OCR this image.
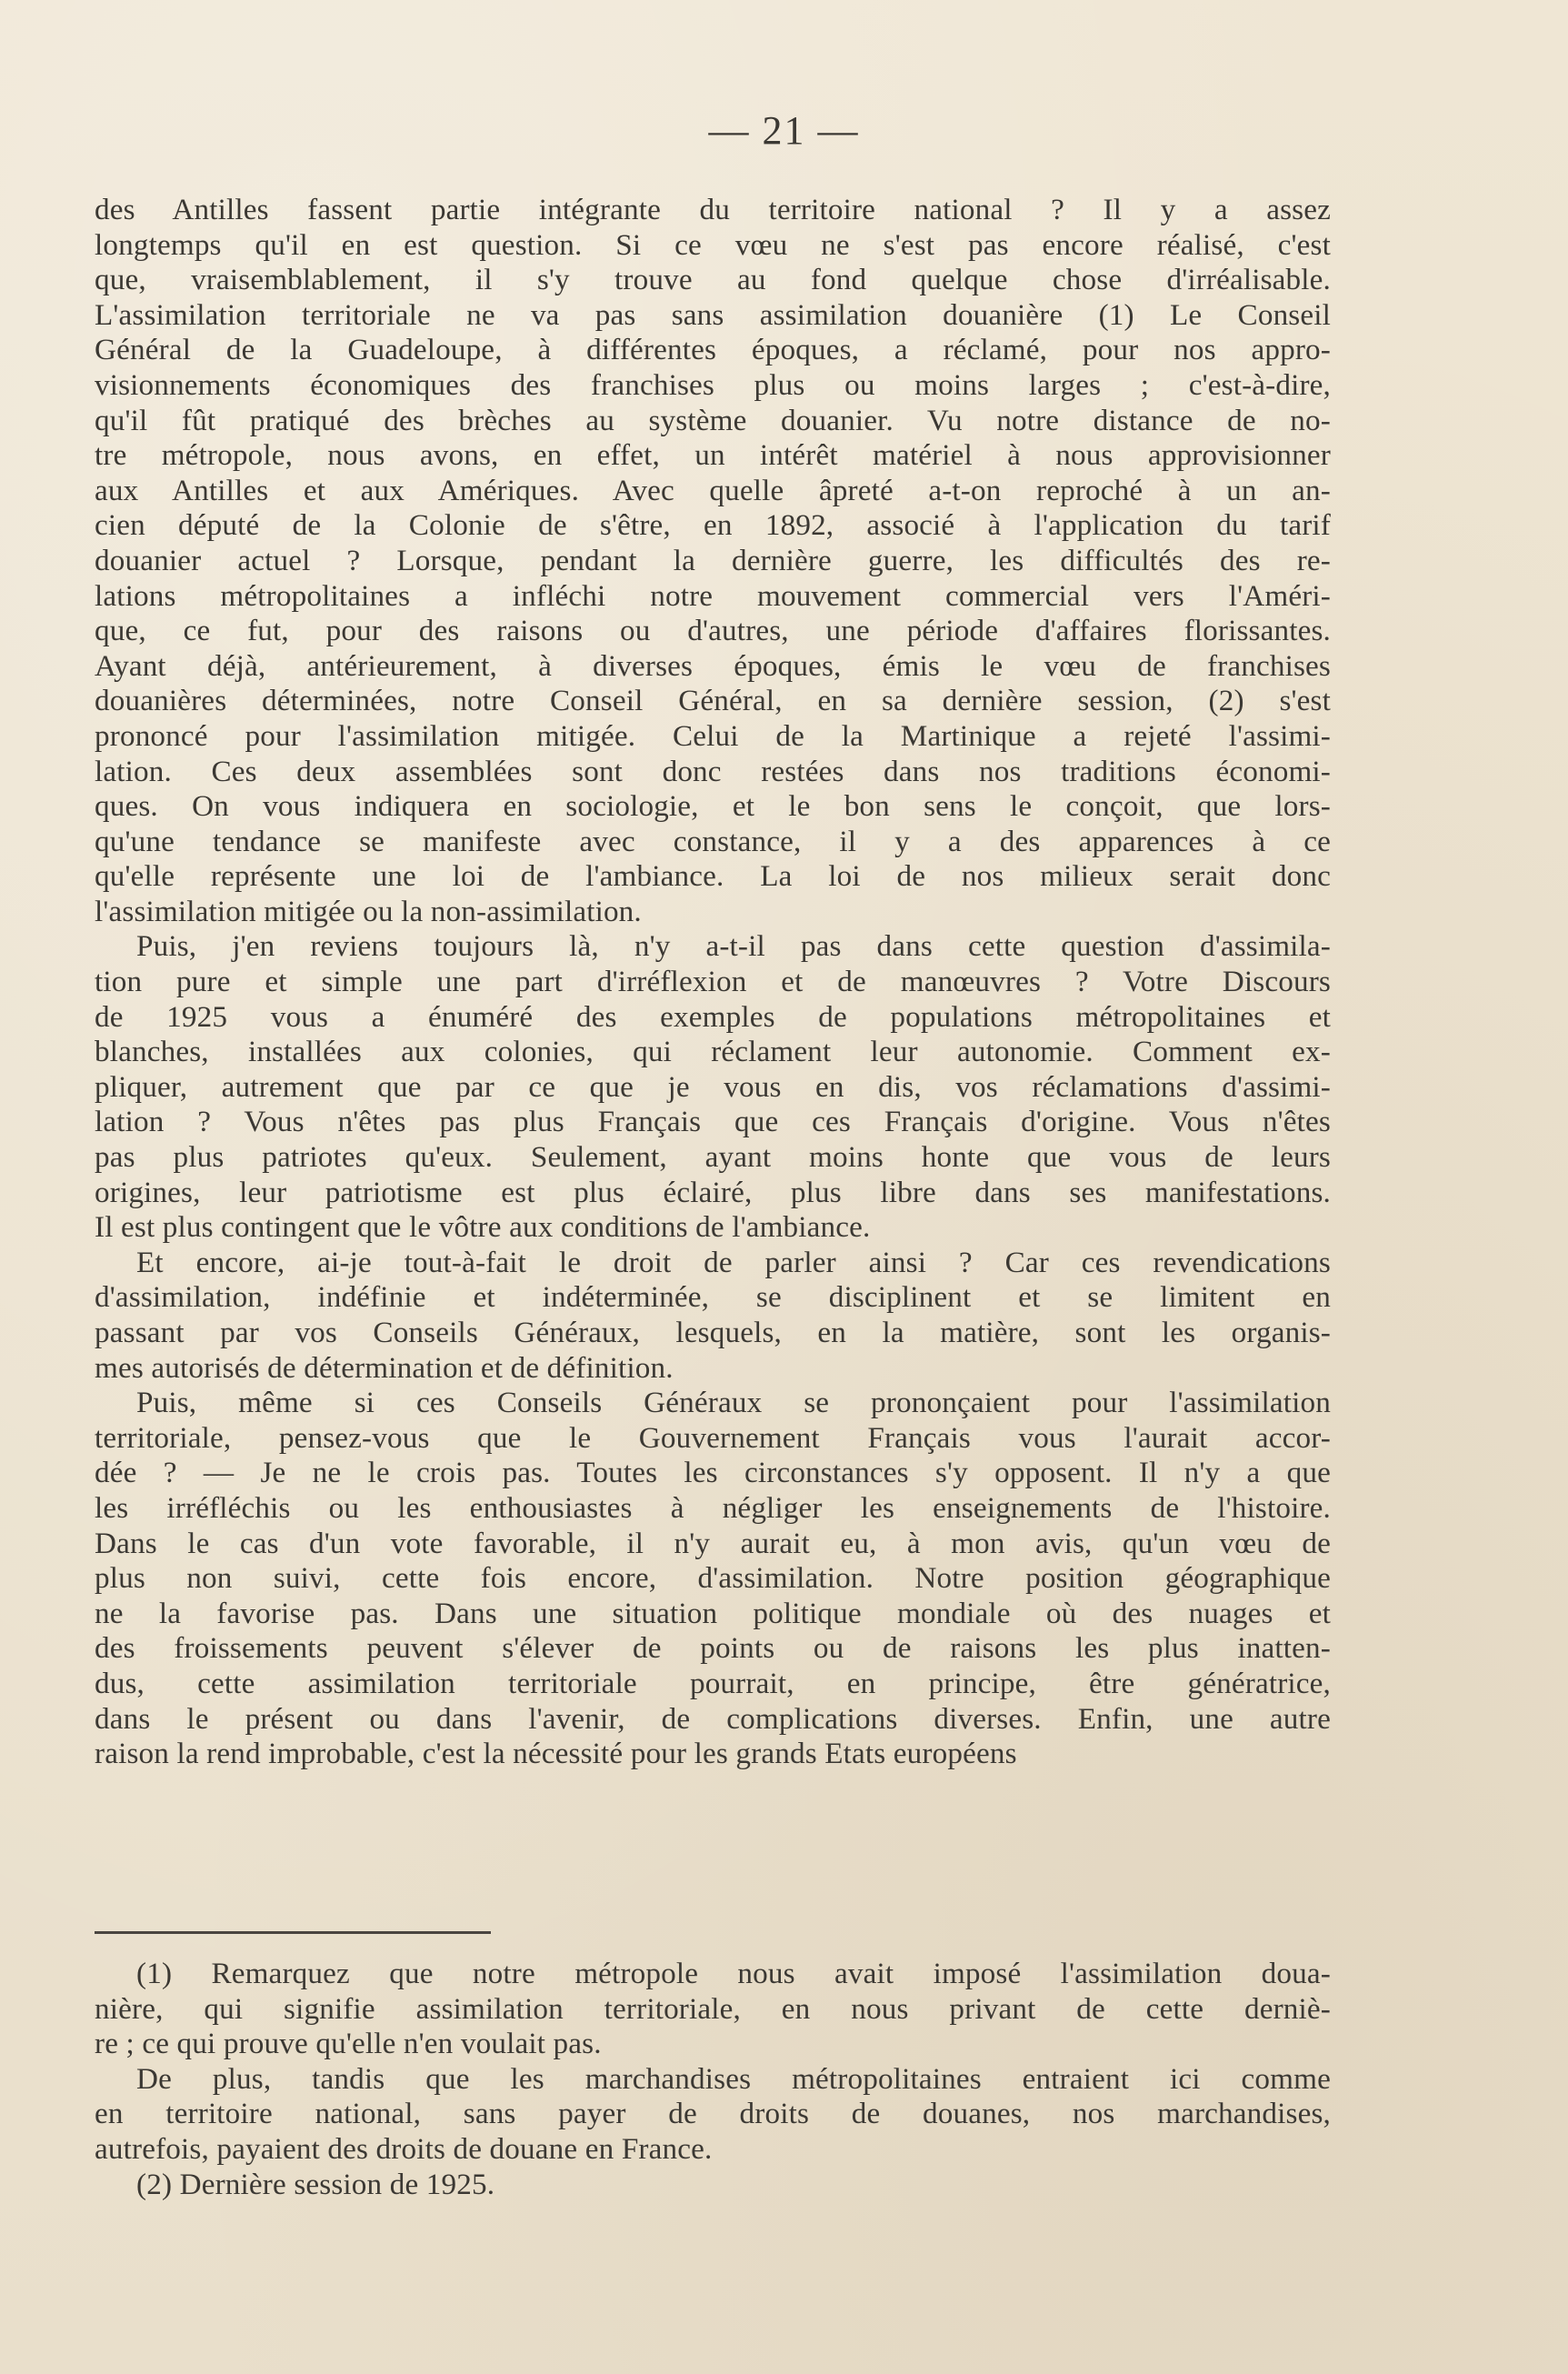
— 21 —
des Antilles fassent partie intégrante du territoire national ? Il y a assez
longtemps qu'il en est question. Si ce vœu ne s'est pas encore réalisé, c'est
que, vraisemblablement, il s'y trouve au fond quelque chose d'irréalisable.
L'assimilation territoriale ne va pas sans assimilation douanière (1) Le Conseil
Général de la Guadeloupe, à différentes époques, a réclamé, pour nos appro-
visionnements économiques des franchises plus ou moins larges ; c'est-à-dire,
qu'il fût pratiqué des brèches au système douanier. Vu notre distance de no-
tre métropole, nous avons, en effet, un intérêt matériel à nous approvisionner
aux Antilles et aux Amériques. Avec quelle âpreté a-t-on reproché à un an-
cien député de la Colonie de s'être, en 1892, associé à l'application du tarif
douanier actuel ? Lorsque, pendant la dernière guerre, les difficultés des re-
lations métropolitaines a infléchi notre mouvement commercial vers l'Améri-
que, ce fut, pour des raisons ou d'autres, une période d'affaires florissantes.
Ayant déjà, antérieurement, à diverses époques, émis le vœu de franchises
douanières déterminées, notre Conseil Général, en sa dernière session, (2) s'est
prononcé pour l'assimilation mitigée. Celui de la Martinique a rejeté l'assimi-
lation. Ces deux assemblées sont donc restées dans nos traditions économi-
ques. On vous indiquera en sociologie, et le bon sens le conçoit, que lors-
qu'une tendance se manifeste avec constance, il y a des apparences à ce
qu'elle représente une loi de l'ambiance. La loi de nos milieux serait donc
l'assimilation mitigée ou la non-assimilation.
Puis, j'en reviens toujours là, n'y a-t-il pas dans cette question d'assimila-
tion pure et simple une part d'irréflexion et de manœuvres ? Votre Discours
de 1925 vous a énuméré des exemples de populations métropolitaines et
blanches, installées aux colonies, qui réclament leur autonomie. Comment ex-
pliquer, autrement que par ce que je vous en dis, vos réclamations d'assimi-
lation ? Vous n'êtes pas plus Français que ces Français d'origine. Vous n'êtes
pas plus patriotes qu'eux. Seulement, ayant moins honte que vous de leurs
origines, leur patriotisme est plus éclairé, plus libre dans ses manifestations.
Il est plus contingent que le vôtre aux conditions de l'ambiance.
Et encore, ai-je tout-à-fait le droit de parler ainsi ? Car ces revendications
d'assimilation, indéfinie et indéterminée, se disciplinent et se limitent en
passant par vos Conseils Généraux, lesquels, en la matière, sont les organis-
mes autorisés de détermination et de définition.
Puis, même si ces Conseils Généraux se prononçaient pour l'assimilation
territoriale, pensez-vous que le Gouvernement Français vous l'aurait accor-
dée ? — Je ne le crois pas. Toutes les circonstances s'y opposent. Il n'y a que
les irréfléchis ou les enthousiastes à négliger les enseignements de l'histoire.
Dans le cas d'un vote favorable, il n'y aurait eu, à mon avis, qu'un vœu de
plus non suivi, cette fois encore, d'assimilation. Notre position géographique
ne la favorise pas. Dans une situation politique mondiale où des nuages et
des froissements peuvent s'élever de points ou de raisons les plus inatten-
dus, cette assimilation territoriale pourrait, en principe, être génératrice,
dans le présent ou dans l'avenir, de complications diverses. Enfin, une autre
raison la rend improbable, c'est la nécessité pour les grands Etats européens
(1) Remarquez que notre métropole nous avait imposé l'assimilation doua-
nière, qui signifie assimilation territoriale, en nous privant de cette derniè-
re ; ce qui prouve qu'elle n'en voulait pas.
De plus, tandis que les marchandises métropolitaines entraient ici comme
en territoire national, sans payer de droits de douanes, nos marchandises,
autrefois, payaient des droits de douane en France.
(2) Dernière session de 1925.
